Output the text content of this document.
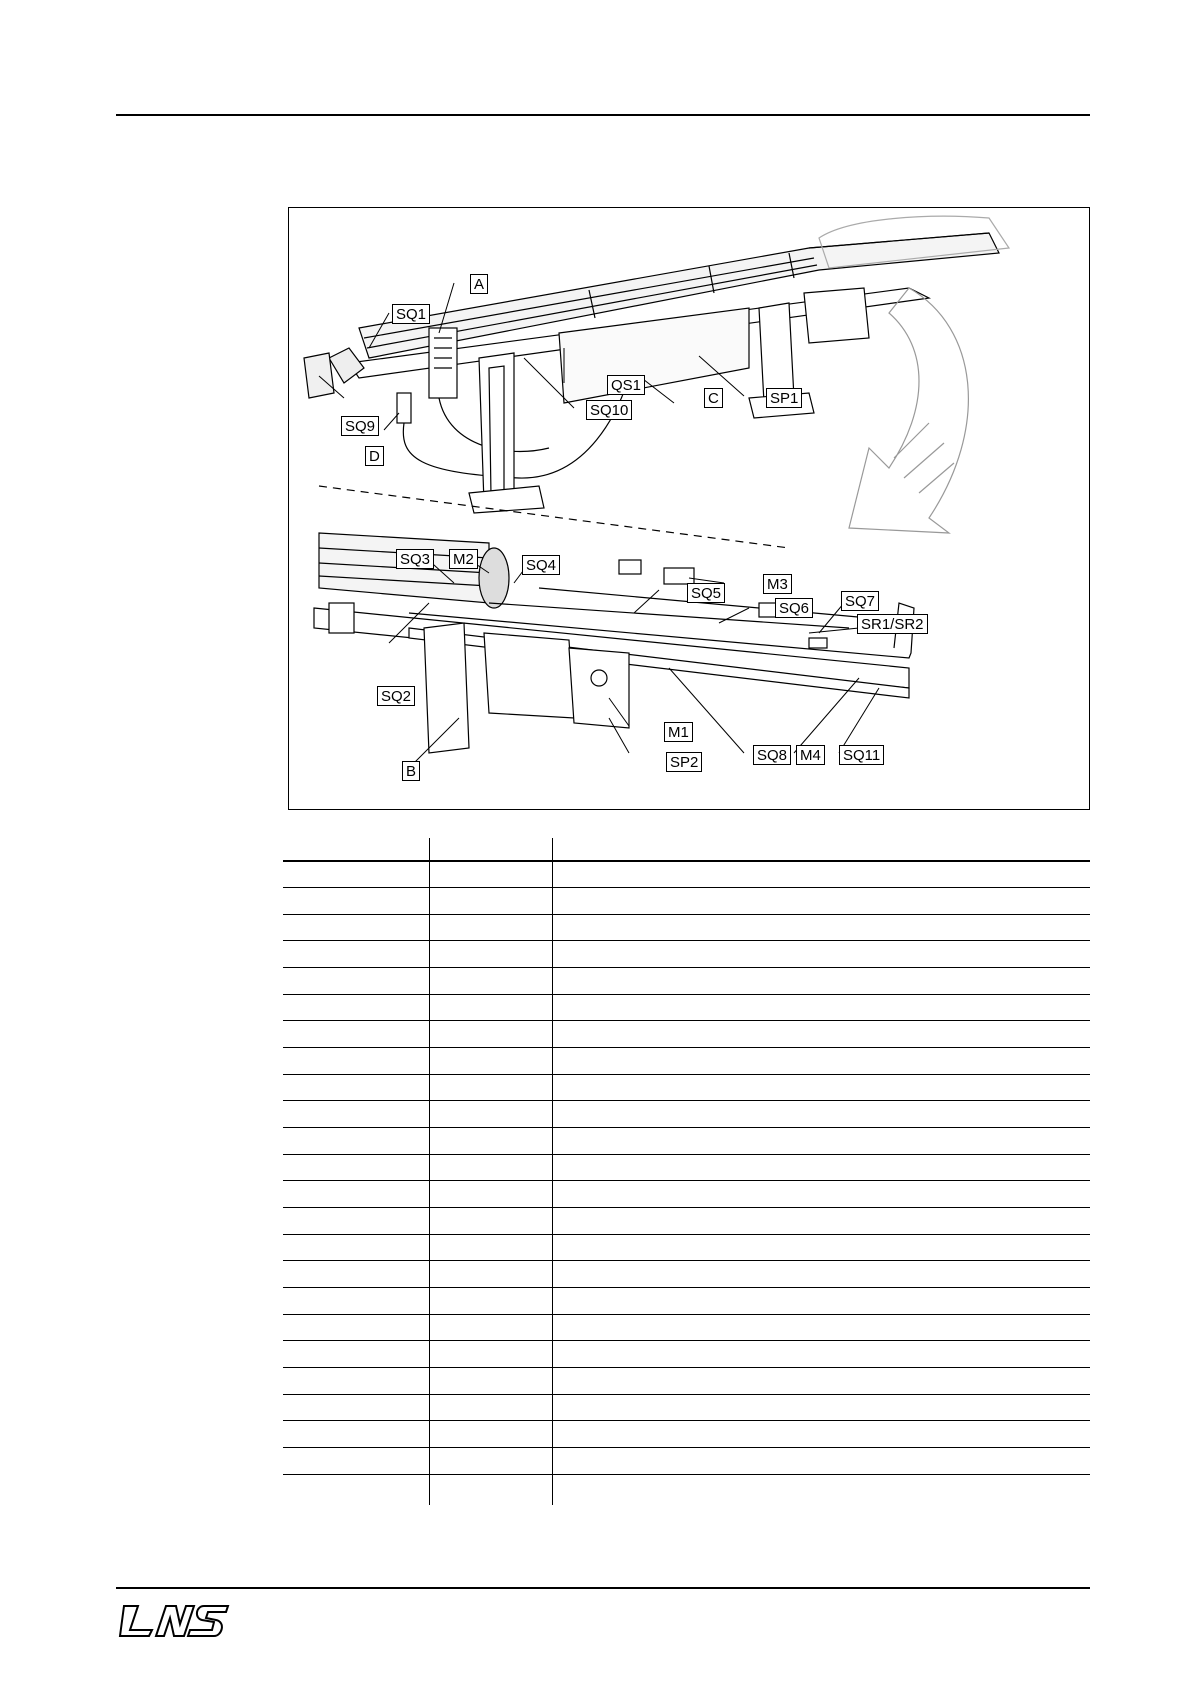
A
SQ1
SQ9
D
QS1
SQ10
C	SP1
SQ3 M2	SQ4
SQ5
M3
SQ6 SQ7
SR1/SR2
SQ2
M1
SP2	SQ8 M4 SQ11
B
